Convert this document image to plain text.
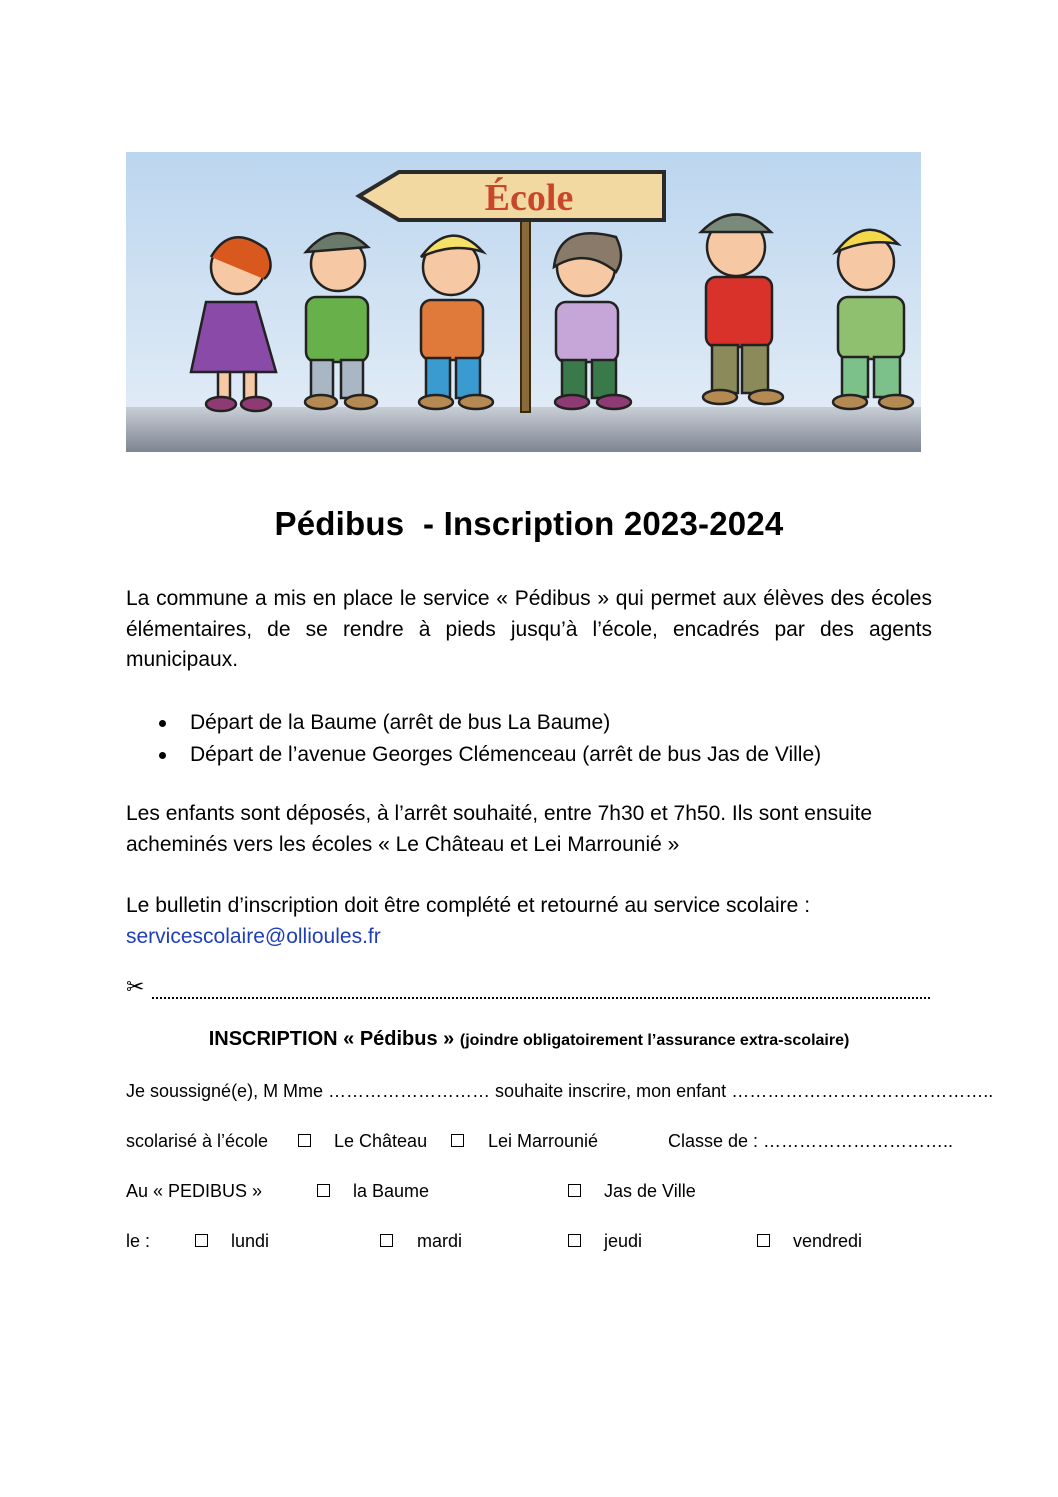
École
Pédibus  - Inscription 2023-2024
La commune a mis en place le service « Pédibus » qui permet aux élèves des écoles élémentaires, de se rendre à pieds jusqu’à l’école, encadrés par des agents municipaux.
Départ de la Baume (arrêt de bus La Baume)
Départ de l’avenue Georges Clémenceau (arrêt de bus Jas de Ville)
Les enfants sont déposés, à l’arrêt souhaité, entre 7h30 et 7h50. Ils sont ensuite acheminés vers les écoles « Le Château et Lei Marrounié »
Le bulletin d’inscription doit être complété et retourné au service scolaire :
servicescolaire@ollioules.fr
✂
INSCRIPTION « Pédibus » (joindre obligatoirement l’assurance extra-scolaire)
Je soussigné(e), M Mme ……………………… souhaite inscrire, mon enfant ……………………………………..
scolarisé à l’école	Le Château	Lei Marrounié	Classe de : …………………………..
Au « PEDIBUS »	la Baume	Jas de Ville
le :	lundi	mardi	jeudi	vendredi
